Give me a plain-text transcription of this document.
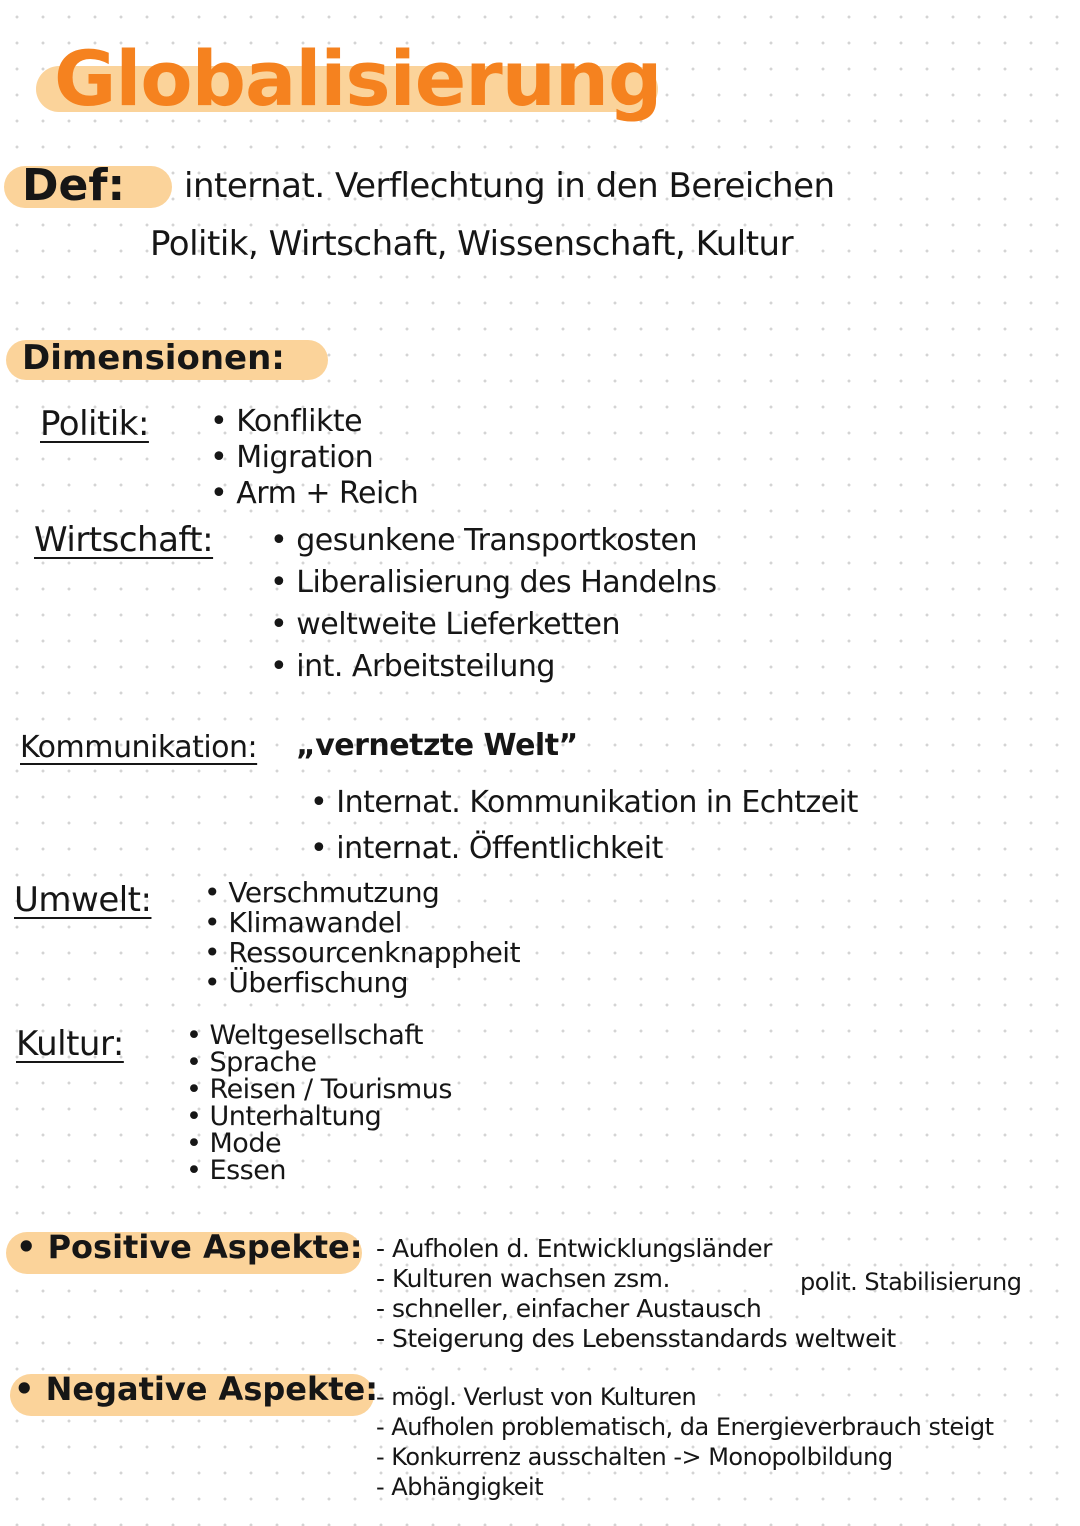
Globalisierung
Def: internat. Verflechtung in den Bereichen
Politik, Wirtschaft, Wissenschaft, Kultur
Dimensionen:
Politik:	• Konflikte
• Migration
• Arm + Reich
Wirtschaft:	• gesunkene Transportkosten
• Liberalisierung des Handelns
• weltweite Lieferketten
• int. Arbeitsteilung
Kommunikation: „vernetzte Welt”
• Internat. Kommunikation in Echtzeit
• internat. Öffentlichkeit
Umwelt:	• Verschmutzung
• Klimawandel
• Ressourcenknappheit
• Überfischung
Kultur:	• Weltgesellschaft
• Sprache
• Reisen / Tourismus
• Unterhaltung
• Mode
• Essen
• Positive Aspekte:	- Aufholen d. Entwicklungsländer
- Kulturen wachsen zsm.
- schneller, einfacher Austausch
- Steigerung des Lebensstandards weltweit
polit. Stabilisierung
• Negative Aspekte: - mögl. Verlust von Kulturen
- Aufholen problematisch, da Energieverbrauch steigt
- Konkurrenz ausschalten -> Monopolbildung
- Abhängigkeit
